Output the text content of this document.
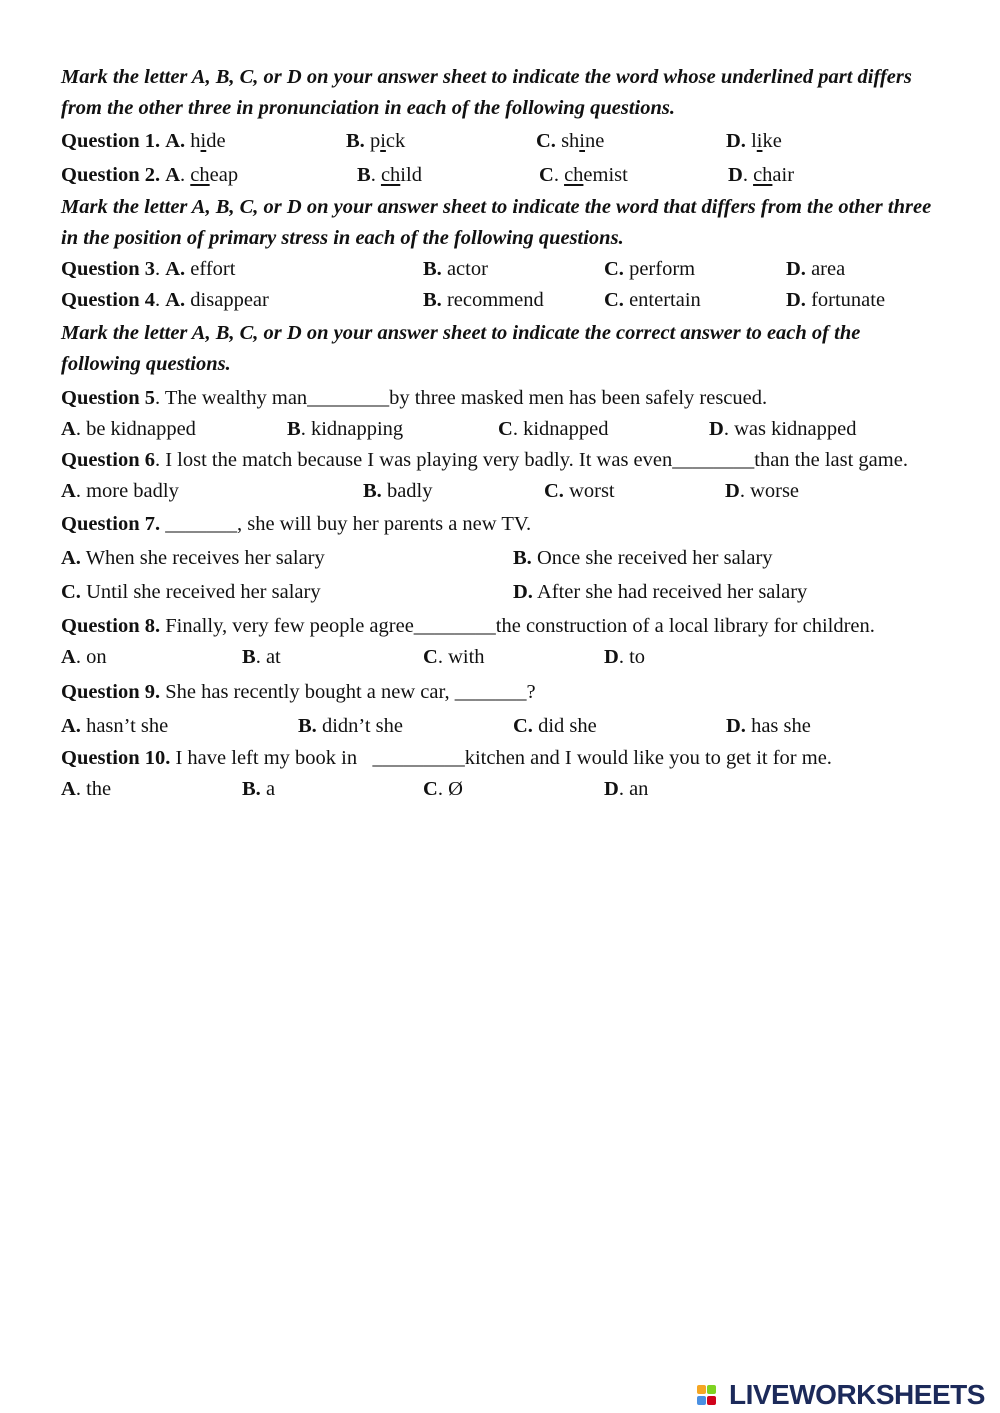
Mark the letter A, B, C, or D on your answer sheet to indicate the word whose underlined part differs from the other three in pronunciation in each of the following questions.

Question 1. A. hide	B. pick	C. shine	D. like
Question 2. A. cheap	B. child	C. chemist	D. chair

Mark the letter A, B, C, or D on your answer sheet to indicate the word that differs from the other three in the position of primary stress in each of the following questions.

Question 3. A. effort	B. actor	C. perform	D. area
Question 4. A. disappear	B. recommend	C. entertain	D. fortunate

Mark the letter A, B, C, or D on your answer sheet to indicate the correct answer to each of the following questions.

Question 5. The wealthy man________by three masked men has been safely rescued.

A. be kidnapped	B. kidnapping	C. kidnapped	D. was kidnapped

Question 6. I lost the match because I was playing very badly. It was even________than the last game.

A. more badly	B. badly	C. worst	D. worse
Question 7. _______, she will buy her parents a new TV.
A. When she receives her salary	B. Once she received her salary
C. Until she received her salary	D. After she had received her salary

Question 8. Finally, very few people agree________the construction of a local library for children.

A. on	B. at	C. with	D. to
Question 9. She has recently bought a new car, _______?
A. hasn’t she	B. didn’t she	C. did she	D. has she
Question 10. I have left my book in   _________kitchen and I would like you to get it for me.
A. the	B. a	C. Ø	D. an
LIVEWORKSHEETS
